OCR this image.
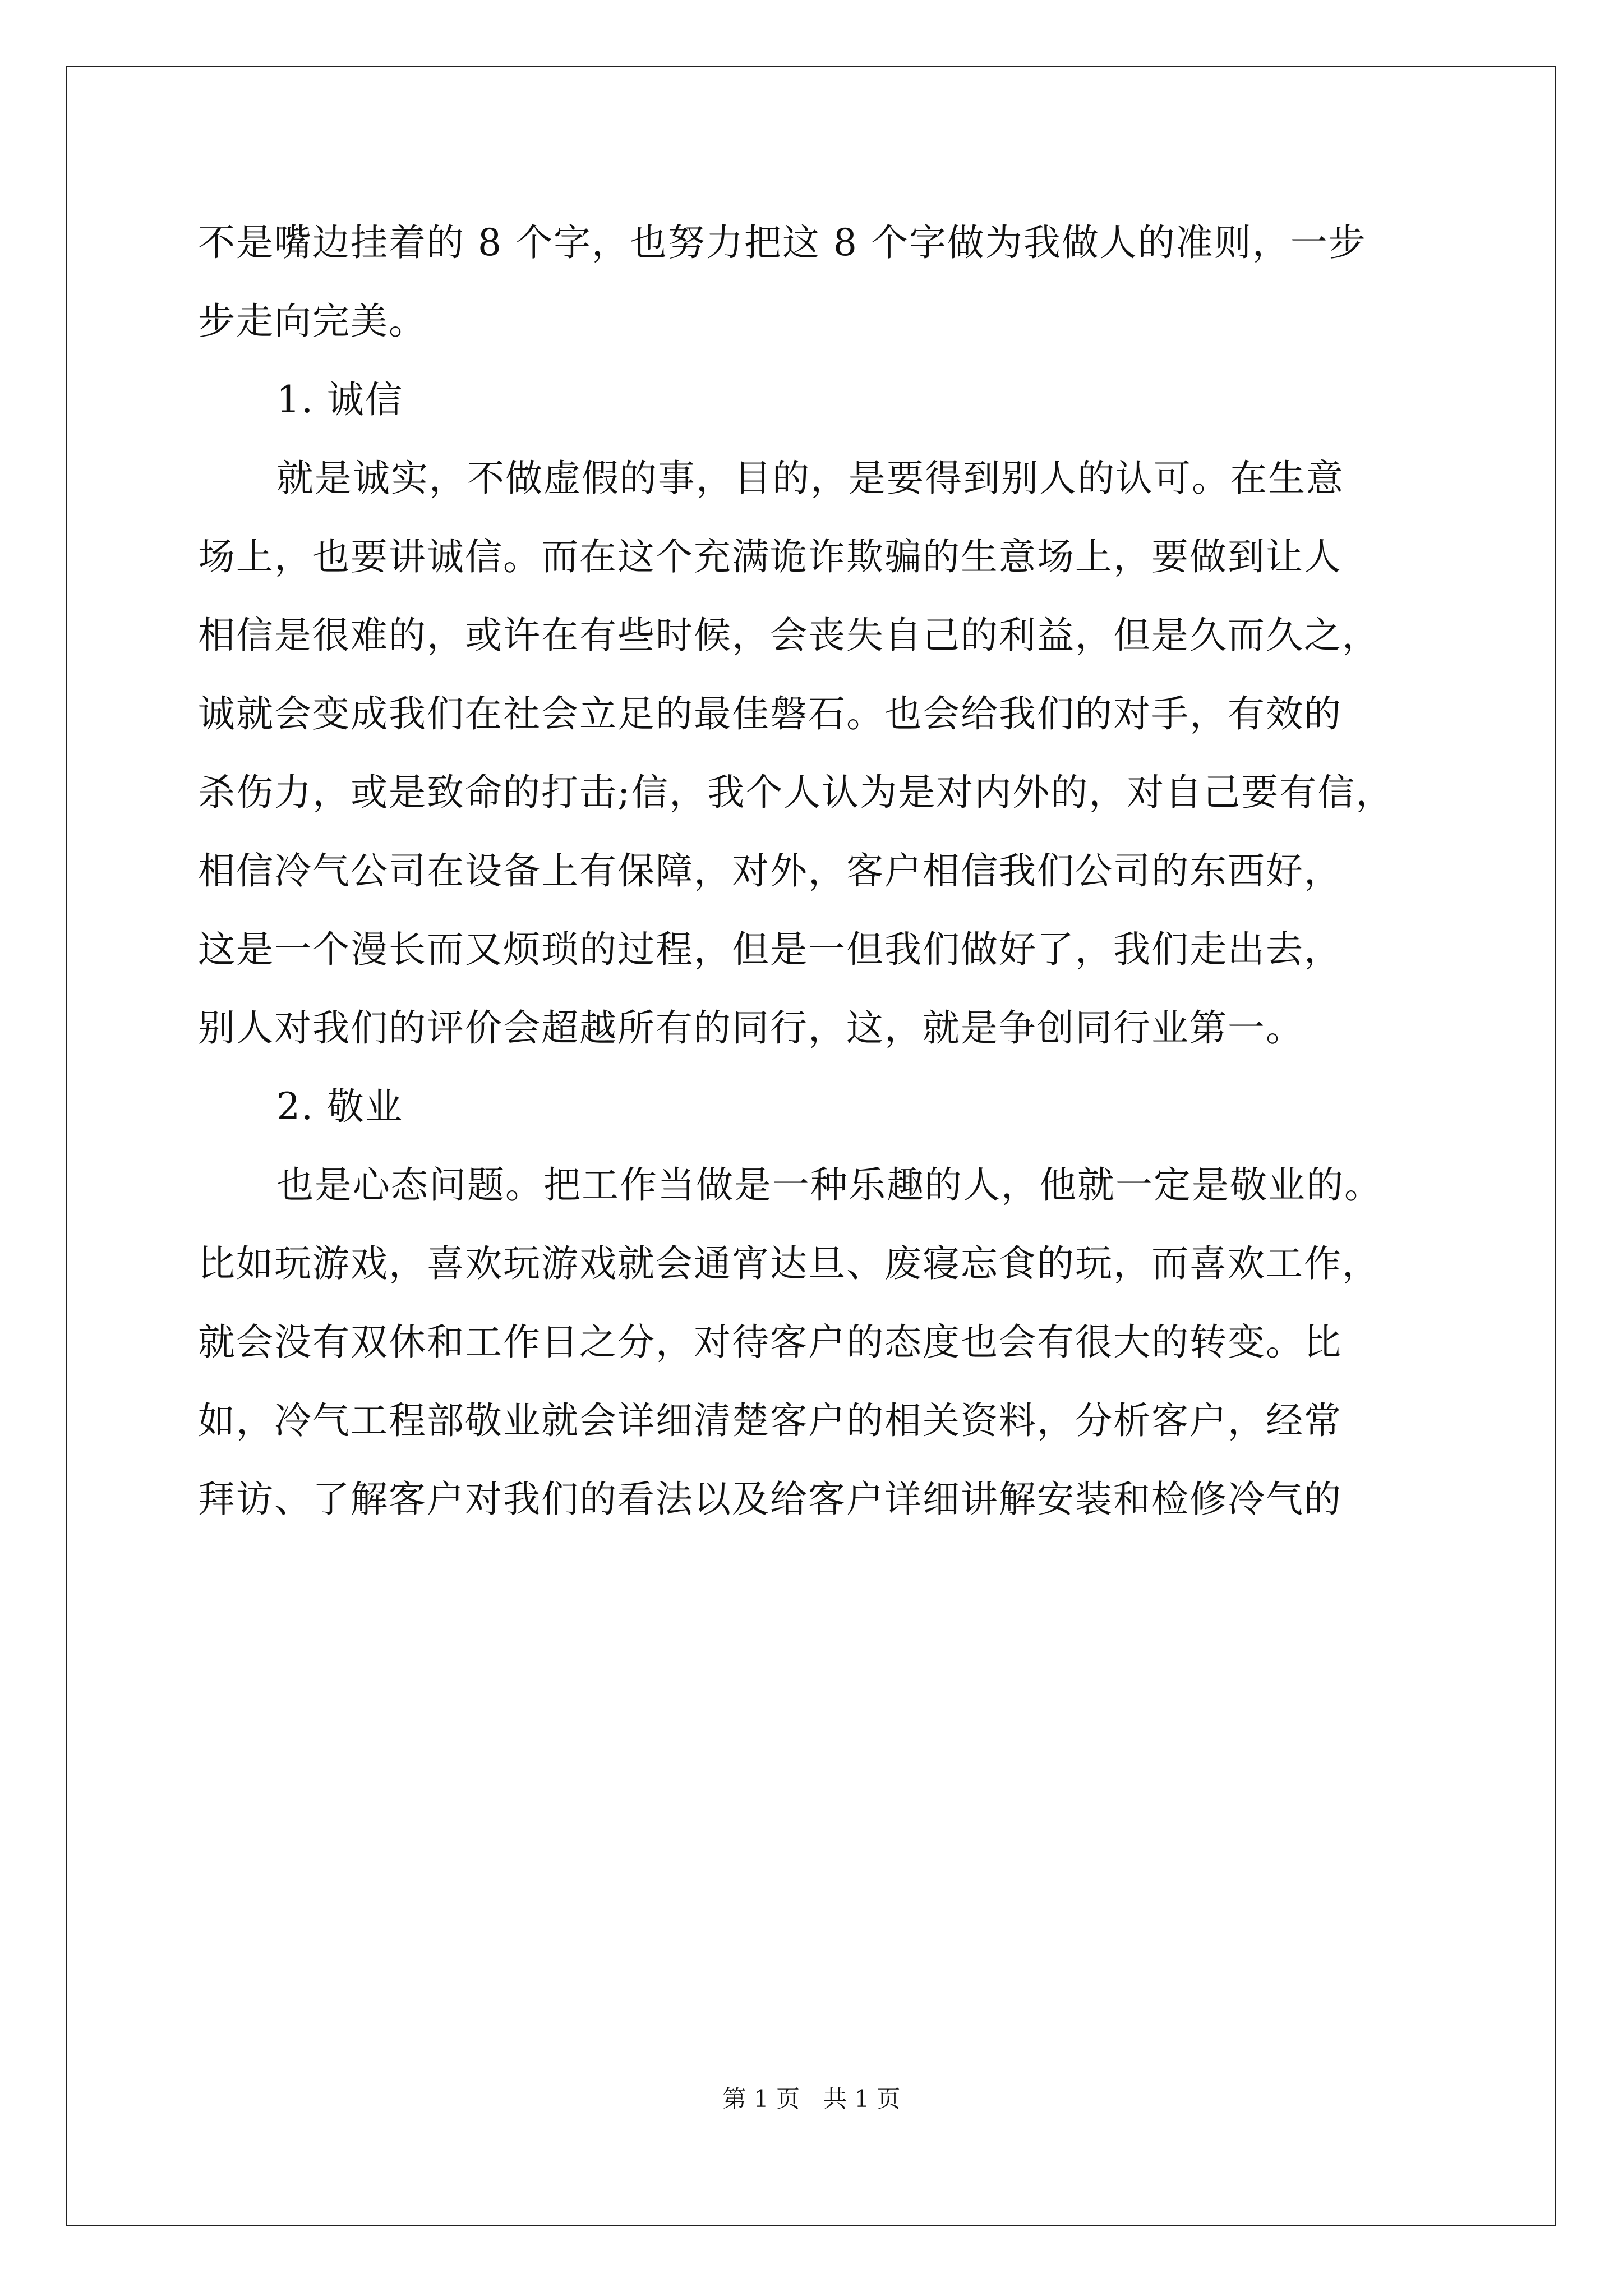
不是嘴边挂着的 8 个字，也努力把这 8 个字做为我做人的准则，一步
步走向完美。
1. 诚信
就是诚实，不做虚假的事，目的，是要得到别人的认可。在生意
场上，也要讲诚信。而在这个充满诡诈欺骗的生意场上，要做到让人
相信是很难的，或许在有些时候，会丧失自己的利益，但是久而久之，
诚就会变成我们在社会立足的最佳磐石。也会给我们的对手，有效的
杀伤力，或是致命的打击;信，我个人认为是对内外的，对自己要有信，
相信冷气公司在设备上有保障，对外，客户相信我们公司的东西好，
这是一个漫长而又烦琐的过程，但是一但我们做好了，我们走出去，
别人对我们的评价会超越所有的同行，这，就是争创同行业第一。
2. 敬业
也是心态问题。把工作当做是一种乐趣的人，他就一定是敬业的。
比如玩游戏，喜欢玩游戏就会通宵达旦、废寝忘食的玩，而喜欢工作，
就会没有双休和工作日之分，对待客户的态度也会有很大的转变。比
如，冷气工程部敬业就会详细清楚客户的相关资料，分析客户，经常
拜访、了解客户对我们的看法以及给客户详细讲解安装和检修冷气的
第 1 页　共 1 页
